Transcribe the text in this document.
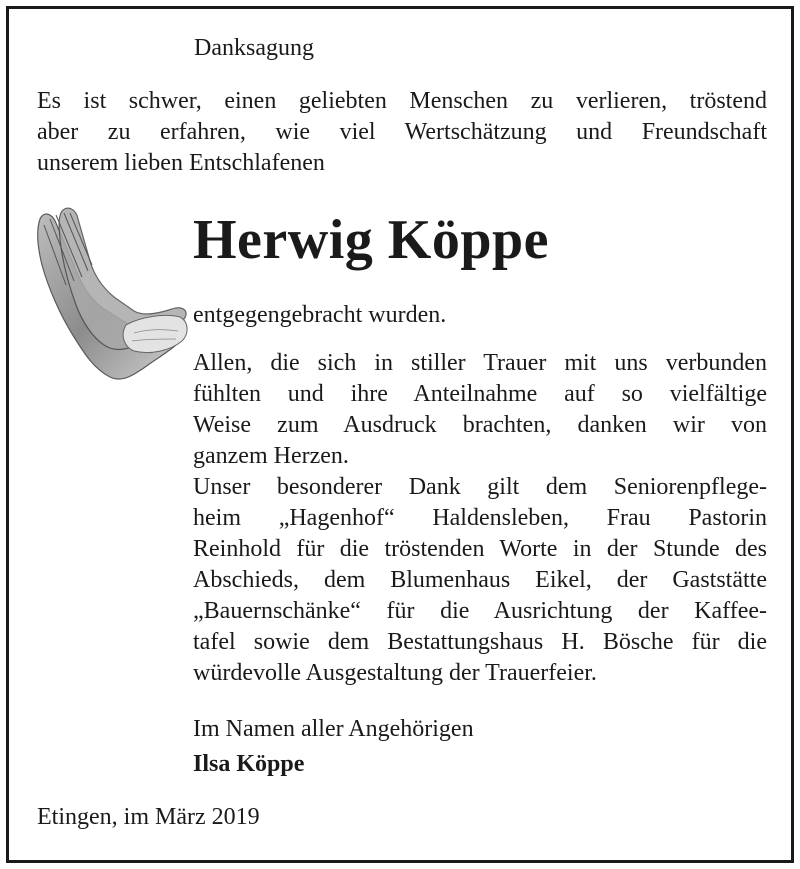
Danksagung

Es ist schwer, einen geliebten Menschen zu verlieren, tröstend
aber zu erfahren, wie viel Wertschätzung und Freundschaft
unserem lieben Entschlafenen
Herwig Köppe

entgegengebracht wurden.

Allen, die sich in stiller Trauer mit uns verbunden
fühlten und ihre Anteilnahme auf so vielfältige
Weise zum Ausdruck brachten, danken wir von
ganzem Herzen.
Unser besonderer Dank gilt dem Seniorenpflege-
heim „Hagenhof“ Haldensleben, Frau Pastorin
Reinhold für die tröstenden Worte in der Stunde des
Abschieds, dem Blumenhaus Eikel, der Gaststätte
„Bauernschänke“ für die Ausrichtung der Kaffee-
tafel sowie dem Bestattungshaus H. Bösche für die
würdevolle Ausgestaltung der Trauerfeier.

Im Namen aller Angehörigen

Ilsa Köppe

Etingen, im März 2019
